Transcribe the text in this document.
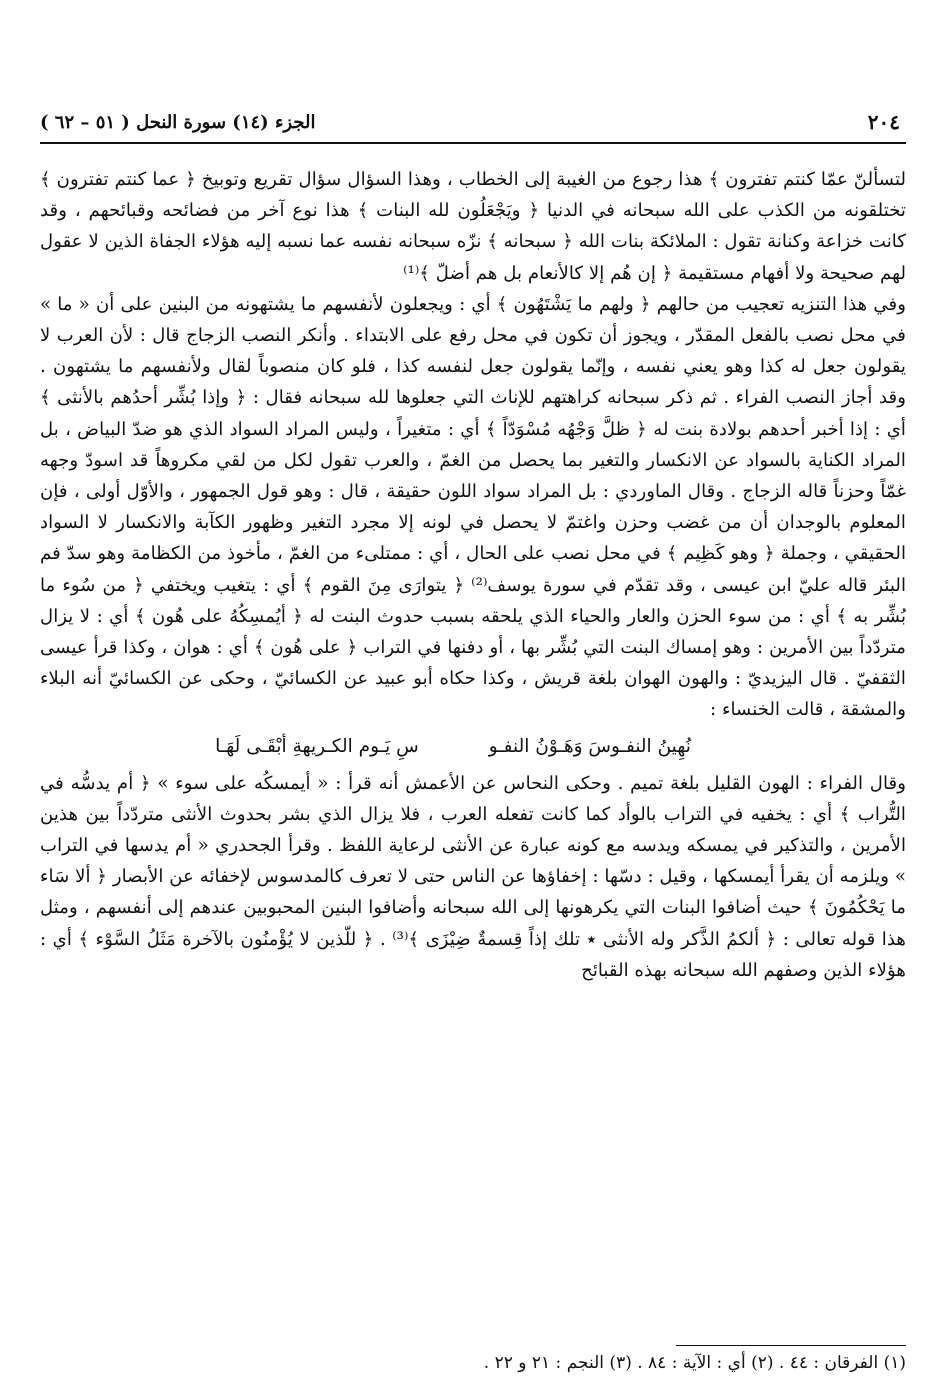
٢٠٤
الجزء (١٤) سورة النحل ( ٥١ – ٦٢ )

لتسألنّ عمّا كنتم تفترون ﴾ هذا رجوع من الغيبة إلى الخطاب ، وهذا السؤال سؤال تقريع وتوبيخ ﴿ عما كنتم تفترون ﴾ تختلقونه من الكذب على الله سبحانه في الدنيا ﴿ ويَجْعَلُون لله البنات ﴾ هذا نوع آخر من فضائحه وقبائحهم ، وقد كانت خزاعة وكنانة تقول : الملائكة بنات الله ﴿ سبحانه ﴾ نزّه سبحانه نفسه عما نسبه إليه هؤلاء الجفاة الذين لا عقول لهم صحيحة ولا أفهام مستقيمة ﴿ إن هُم إلا كالأنعام بل هم أضلّ ﴾⁽¹⁾

وفي هذا التنزيه تعجيب من حالهم ﴿ ولهم ما يَشْتَهُون ﴾ أي : ويجعلون لأنفسهم ما يشتهونه من البنين على أن « ما » في محل نصب بالفعل المقدّر ، ويجوز أن تكون في محل رفع على الابتداء . وأنكر النصب الزجاج قال : لأن العرب لا يقولون جعل له كذا وهو يعني نفسه ، وإنّما يقولون جعل لنفسه كذا ، فلو كان منصوباً لقال ولأنفسهم ما يشتهون . وقد أجاز النصب الفراء . ثم ذكر سبحانه كراهتهم للإناث التي جعلوها لله سبحانه فقال : ﴿ وإذا بُشِّر أحدُهم بالأنثى ﴾ أي : إذا أخبر أحدهم بولادة بنت له ﴿ ظلَّ وَجْهُه مُسْوَدّاً ﴾ أي : متغيراً ، وليس المراد السواد الذي هو ضدّ البياض ، بل المراد الكناية بالسواد عن الانكسار والتغير بما يحصل من الغمّ ، والعرب تقول لكل من لقي مكروهاً قد اسودّ وجهه غمّاً وحزناً قاله الزجاج . وقال الماوردي : بل المراد سواد اللون حقيقة ، قال : وهو قول الجمهور ، والأوّل أولى ، فإن المعلوم بالوجدان أن من غضب وحزن واغتمّ لا يحصل في لونه إلا مجرد التغير وظهور الكآبة والانكسار لا السواد الحقيقي ، وجملة ﴿ وهو كَظِيم ﴾ في محل نصب على الحال ، أي : ممتلىء من الغمّ ، مأخوذ من الكظامة وهو سدّ فم البئر قاله عليّ ابن عيسى ، وقد تقدّم في سورة يوسف⁽²⁾ ﴿ يتوارَى مِنَ القوم ﴾ أي : يتغيب ويختفي ﴿ من سُوء ما بُشِّر به ﴾ أي : من سوء الحزن والعار والحياء الذي يلحقه بسبب حدوث البنت له ﴿ أيُمسِكُهُ على هُون ﴾ أي : لا يزال متردّداً بين الأمرين : وهو إمساك البنت التي بُشِّر بها ، أو دفنها في التراب ﴿ على هُون ﴾ أي : هوان ، وكذا قرأ عيسى الثقفيّ . قال اليزيديّ : والهون الهوان بلغة قريش ، وكذا حكاه أبو عبيد عن الكسائيّ ، وحكى عن الكسائيّ أنه البلاء والمشقة ، قالت الخنساء :

نُهِينُ النفـوسَ وَهَـوْنُ النفـو
سِ يَـوم الكـريهةِ أبْقَـى لَهَـا

وقال الفراء : الهون القليل بلغة تميم . وحكى النحاس عن الأعمش أنه قرأ : « أيمسكُه على سوء » ﴿ أم يدسُّه في التُّراب ﴾ أي : يخفيه في التراب بالوأد كما كانت تفعله العرب ، فلا يزال الذي بشر بحدوث الأنثى متردّداً بين هذين الأمرين ، والتذكير في يمسكه ويدسه مع كونه عبارة عن الأنثى لرعاية اللفظ . وقرأ الجحدري « أم يدسها في التراب » ويلزمه أن يقرأ أيمسكها ، وقيل : دسّها : إخفاؤها عن الناس حتى لا تعرف كالمدسوس لإخفائه عن الأبصار ﴿ ألا سَاء ما يَحْكُمُونَ ﴾ حيث أضافوا البنات التي يكرهونها إلى الله سبحانه وأضافوا البنين المحبوبين عندهم إلى أنفسهم ، ومثل هذا قوله تعالى : ﴿ ألكمُ الذَّكر وله الأنثى ٭ تلك إذاً قِسمةٌ ضِيْزَى ﴾⁽³⁾ . ﴿ للّذين لا يُؤْمنُون بالآخرة مَثَلُ السَّوْء ﴾ أي : هؤلاء الذين وصفهم الله سبحانه بهذه القبائح

(١) الفرقان : ٤٤ . (٢) أي : الآية : ٨٤ . (٣) النجم : ٢١ و ٢٢ .
